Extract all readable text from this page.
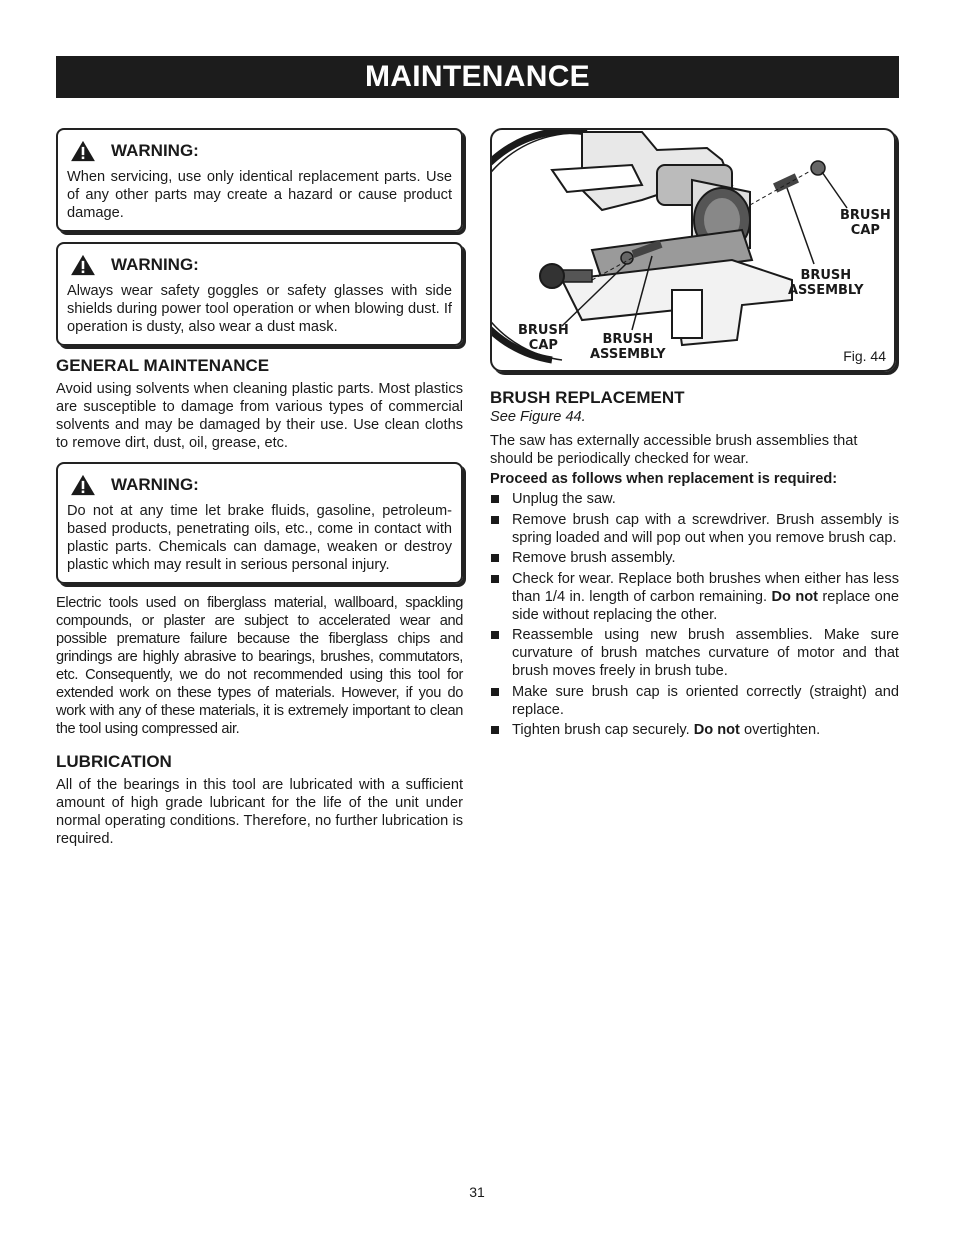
MAINTENANCE
WARNING:

When servicing, use only identical replacement parts. Use of any other parts may create a hazard or cause product damage.

WARNING:

Always wear safety goggles or safety glasses with side shields during power tool operation or when blowing dust. If operation is dusty, also wear a dust mask.

GENERAL MAINTENANCE

Avoid using solvents when cleaning plastic parts. Most plastics are susceptible to damage from various types of commercial solvents and may be damaged by their use. Use clean cloths to remove dirt, dust, oil, grease, etc.

WARNING:

Do not at any time let brake fluids, gasoline, petroleum-based products, penetrating oils, etc., come in contact with plastic parts. Chemicals can damage, weaken or destroy plastic which may result in serious personal injury.

Electric tools used on fiberglass material, wallboard, spackling compounds, or plaster are subject to accelerated wear and possible premature failure because the fiberglass chips and grindings are highly abrasive to bearings, brushes, commutators, etc. Consequently, we do not recommended using this tool for extended work on these types of materials. However, if you do work with any of these materials, it is extremely important to clean the tool using compressed air.

LUBRICATION

All of the bearings in this tool are lubricated with a sufficient amount of high grade lubricant for the life of the unit under normal operating conditions. Therefore, no further lubrication is required.

BRUSH
CAP
BRUSH
ASSEMBLY
BRUSH
CAP	BRUSH
ASSEMBLY	Fig. 44
BRUSH REPLACEMENT

See Figure 44.

The saw has externally accessible brush assemblies that should be periodically checked for wear.

Proceed as follows when replacement is required:

Unplug the saw.
Remove brush cap with a screwdriver. Brush assembly is spring loaded and will pop out when you remove brush cap.
Remove brush assembly.
Check for wear. Replace both brushes when either has less than 1/4 in. length of carbon remaining. Do not replace one side without replacing the other.
Reassemble using new brush assemblies. Make sure curvature of brush matches curvature of motor and that brush moves freely in brush tube.
Make sure brush cap is oriented correctly (straight) and replace.
Tighten brush cap securely. Do not overtighten.
31
